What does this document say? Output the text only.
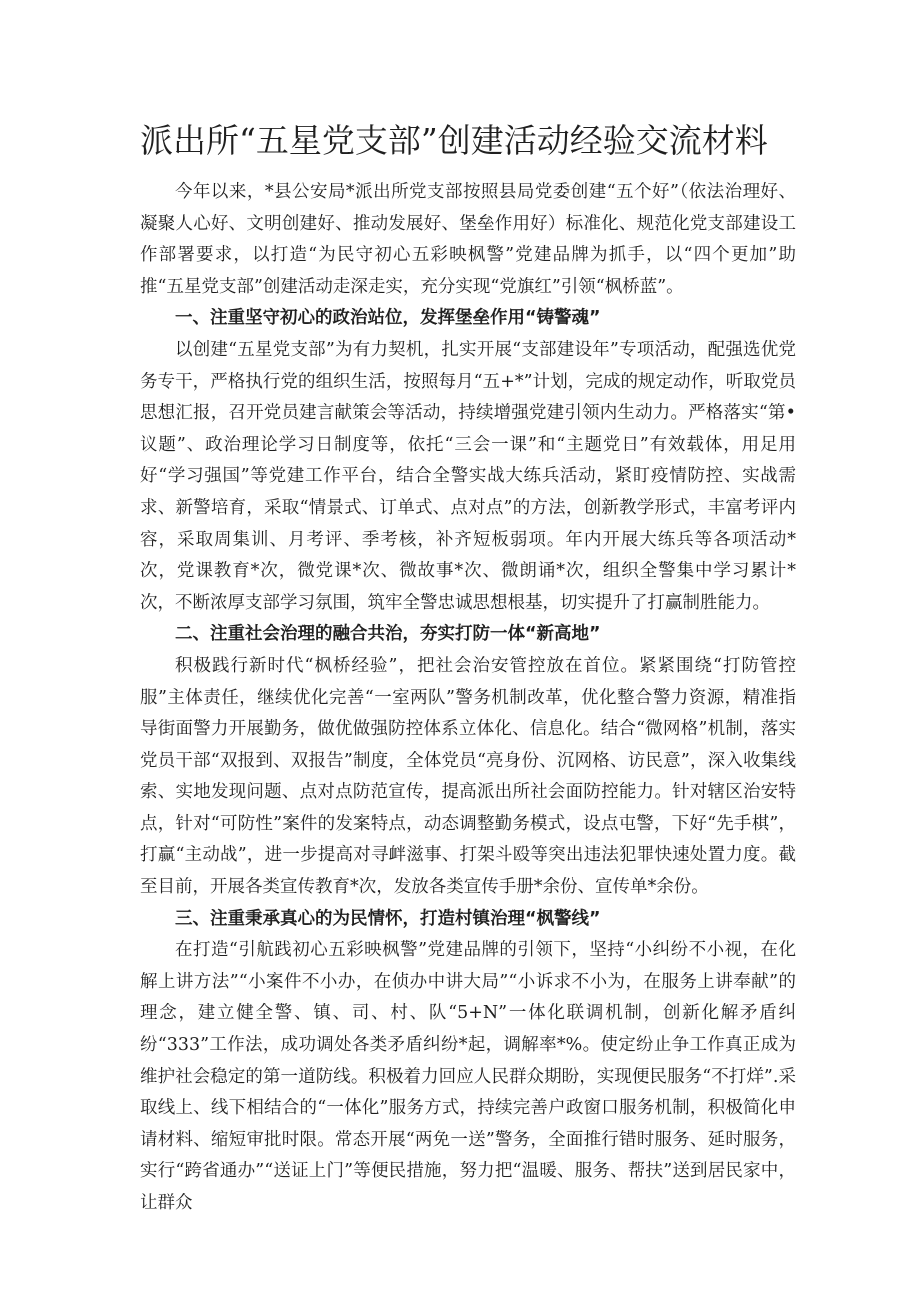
派出所“五星党支部”创建活动经验交流材料

今年以来，*县公安局*派出所党支部按照县局党委创建“五个好”（依法治理好、凝聚人心好、文明创建好、推动发展好、堡垒作用好）标准化、规范化党支部建设工作部署要求，以打造“为民守初心五彩映枫警”党建品牌为抓手，以“四个更加”助推“五星党支部”创建活动走深走实，充分实现“党旗红”引领“枫桥蓝”。

一、注重坚守初心的政治站位，发挥堡垒作用“铸警魂”

以创建“五星党支部”为有力契机，扎实开展“支部建设年”专项活动，配强选优党务专干，严格执行党的组织生活，按照每月“五+*”计划，完成的规定动作，听取党员思想汇报，召开党员建言献策会等活动，持续增强党建引领内生动力。严格落实“第•议题”、政治理论学习日制度等，依托“三会一课”和“主题党日”有效载体，用足用好“学习强国”等党建工作平台，结合全警实战大练兵活动，紧盯疫情防控、实战需求、新警培育，采取“情景式、订单式、点对点”的方法，创新教学形式，丰富考评内容，采取周集训、月考评、季考核，补齐短板弱项。年内开展大练兵等各项活动*次，党课教育*次，微党课*次、微故事*次、微朗诵*次，组织全警集中学习累计*次，不断浓厚支部学习氛围，筑牢全警忠诚思想根基，切实提升了打赢制胜能力。

二、注重社会治理的融合共治，夯实打防一体“新高地”

积极践行新时代“枫桥经验”，把社会治安管控放在首位。紧紧围绕“打防管控服”主体责任，继续优化完善“一室两队”警务机制改革，优化整合警力资源，精准指导街面警力开展勤务，做优做强防控体系立体化、信息化。结合“微网格”机制，落实党员干部“双报到、双报告”制度，全体党员“亮身份、沉网格、访民意”，深入收集线索、实地发现问题、点对点防范宣传，提高派出所社会面防控能力。针对辖区治安特点，针对“可防性”案件的发案特点，动态调整勤务模式，设点屯警，下好“先手棋”，打赢“主动战”，进一步提高对寻衅滋事、打架斗殴等突出违法犯罪快速处置力度。截至目前，开展各类宣传教育*次，发放各类宣传手册*余份、宣传单*余份。

三、注重秉承真心的为民情怀，打造村镇治理“枫警线”

在打造“引航践初心五彩映枫警”党建品牌的引领下，坚持“小纠纷不小视，在化解上讲方法”“小案件不小办，在侦办中讲大局”“小诉求不小为，在服务上讲奉献”的理念，建立健全警、镇、司、村、队“5+N”一体化联调机制，创新化解矛盾纠纷“333”工作法，成功调处各类矛盾纠纷*起，调解率*%。使定纷止争工作真正成为维护社会稳定的第一道防线。积极着力回应人民群众期盼，实现便民服务“不打烊”.采取线上、线下相结合的“一体化”服务方式，持续完善户政窗口服务机制，积极简化申请材料、缩短审批时限。常态开展“两免一送”警务，全面推行错时服务、延时服务，实行“跨省通办”“送证上门”等便民措施，努力把“温暖、服务、帮扶”送到居民家中，让群众
